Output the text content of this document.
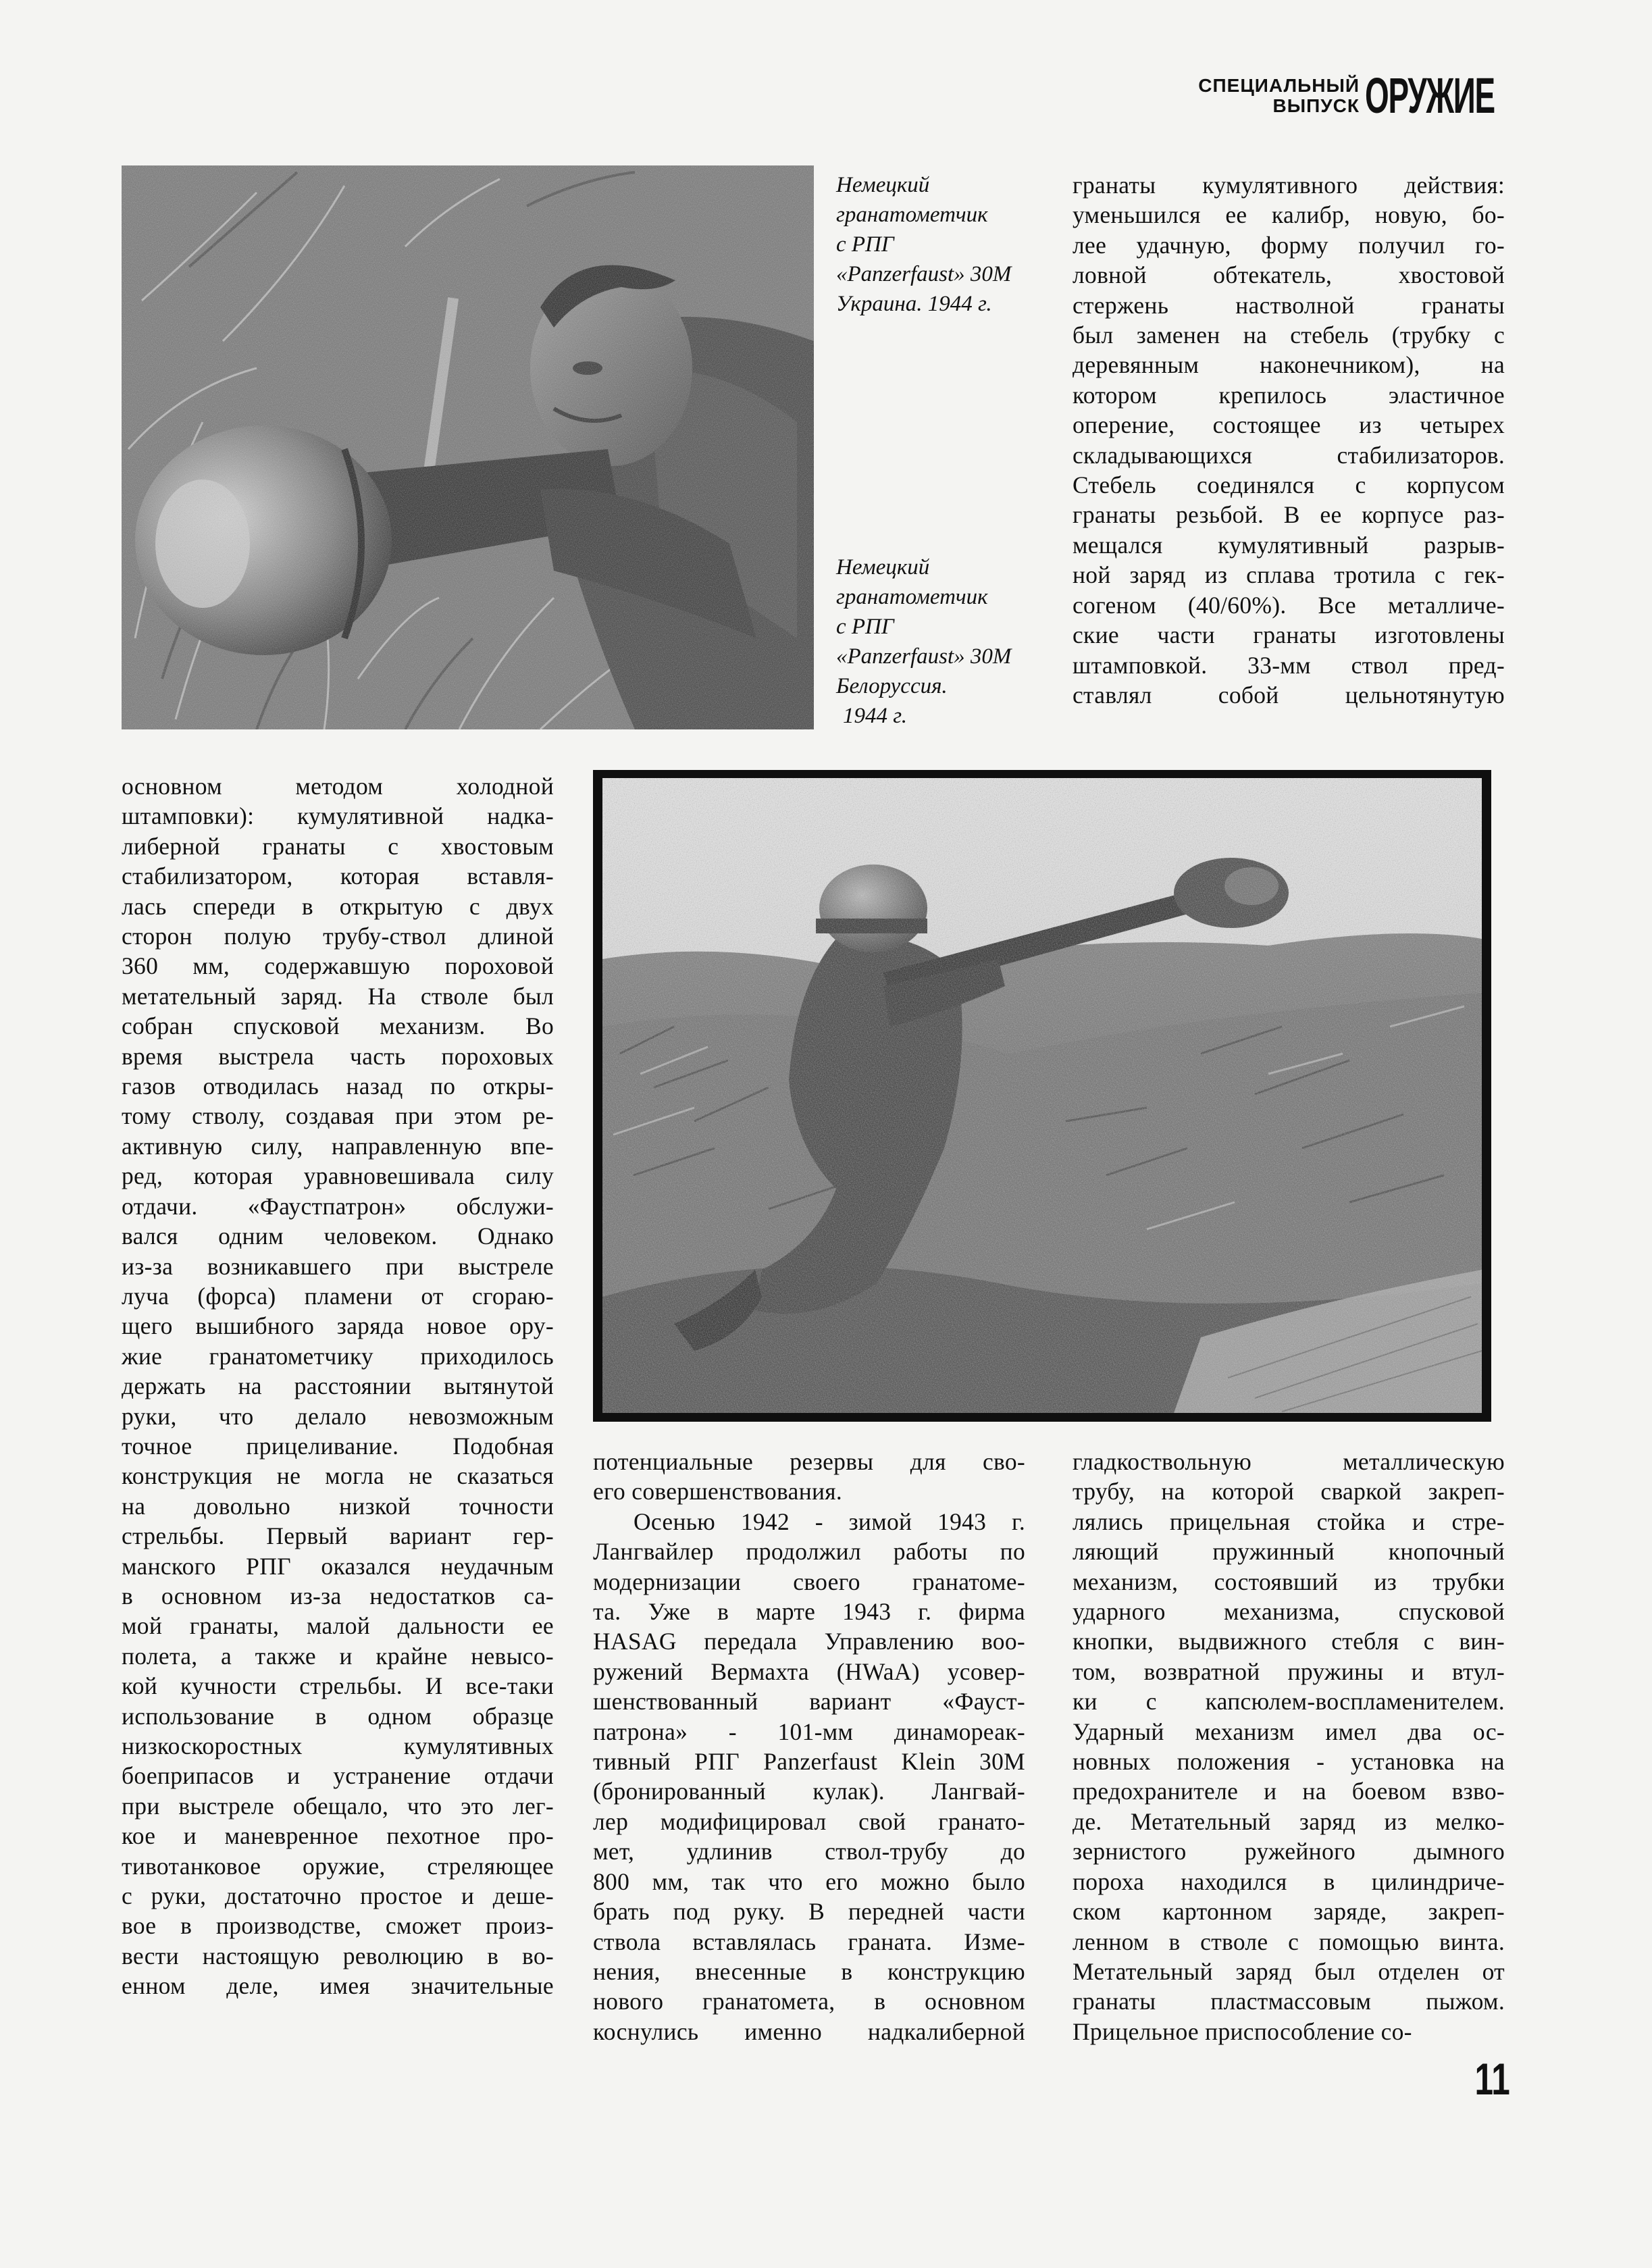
СПЕЦИАЛЬНЫЙ
ВЫПУСК ОРУЖИЕ
Немецкий
гранатометчик
с РПГ
«Panzerfaust» 30М
Украина. 1944 г.
Немецкий
гранатометчик
с РПГ
«Panzerfaust» 30М
Белоруссия.
1944 г.
гранаты кумулятивного действия:
уменьшился ее калибр, новую, бо-
лее удачную, форму получил го-
ловной обтекатель, хвостовой
стержень настволной гранаты
был заменен на стебель (трубку с
деревянным наконечником), на
котором крепилось эластичное
оперение, состоящее из четырех
складывающихся стабилизаторов.
Стебель соединялся с корпусом
гранаты резьбой. В ее корпусе раз-
мещался кумулятивный разрыв-
ной заряд из сплава тротила с гек-
согеном (40/60%). Все металличе-
ские части гранаты изготовлены
штамповкой. 33-мм ствол пред-
ставлял собой цельнотянутую
основном методом холодной
штамповки): кумулятивной надка-
либерной гранаты с хвостовым
стабилизатором, которая вставля-
лась спереди в открытую с двух
сторон полую трубу-ствол длиной
360 мм, содержавшую пороховой
метательный заряд. На стволе был
собран спусковой механизм. Во
время выстрела часть пороховых
газов отводилась назад по откры-
тому стволу, создавая при этом ре-
активную силу, направленную впе-
ред, которая уравновешивала силу
отдачи. «Фаустпатрон» обслужи-
вался одним человеком. Однако
из-за возникавшего при выстреле
луча (форса) пламени от сгораю-
щего вышибного заряда новое ору-
жие гранатометчику приходилось
держать на расстоянии вытянутой
руки, что делало невозможным
точное прицеливание. Подобная
конструкция не могла не сказаться
на довольно низкой точности
стрельбы. Первый вариант гер-
манского РПГ оказался неудачным
в основном из-за недостатков са-
мой гранаты, малой дальности ее
полета, а также и крайне невысо-
кой кучности стрельбы. И все-таки
использование в одном образце
низкоскоростных кумулятивных
боеприпасов и устранение отдачи
при выстреле обещало, что это лег-
кое и маневренное пехотное про-
тивотанковое оружие, стреляющее
с руки, достаточно простое и деше-
вое в производстве, сможет произ-
вести настоящую революцию в во-
енном деле, имея значительные
потенциальные резервы для сво-
его совершенствования.
Осенью 1942 - зимой 1943 г.
Лангвайлер продолжил работы по
модернизации своего гранатоме-
та. Уже в марте 1943 г. фирма
HASAG передала Управлению воо-
ружений Вермахта (HWaA) усовер-
шенствованный вариант «Фауст-
патрона» - 101-мм динамореак-
тивный РПГ Panzerfaust Klein 30М
(бронированный кулак). Лангвай-
лер модифицировал свой гранато-
мет, удлинив ствол-трубу до
800 мм, так что его можно было
брать под руку. В передней части
ствола вставлялась граната. Изме-
нения, внесенные в конструкцию
нового гранатомета, в основном
коснулись именно надкалиберной
гладкоствольную металлическую
трубу, на которой сваркой закреп-
лялись прицельная стойка и стре-
ляющий пружинный кнопочный
механизм, состоявший из трубки
ударного механизма, спусковой
кнопки, выдвижного стебля с вин-
том, возвратной пружины и втул-
ки с капсюлем-воспламенителем.
Ударный механизм имел два ос-
новных положения - установка на
предохранителе и на боевом взво-
де. Метательный заряд из мелко-
зернистого ружейного дымного
пороха находился в цилиндриче-
ском картонном заряде, закреп-
ленном в стволе с помощью винта.
Метательный заряд был отделен от
гранаты пластмассовым пыжом.
Прицельное приспособление со-
11
